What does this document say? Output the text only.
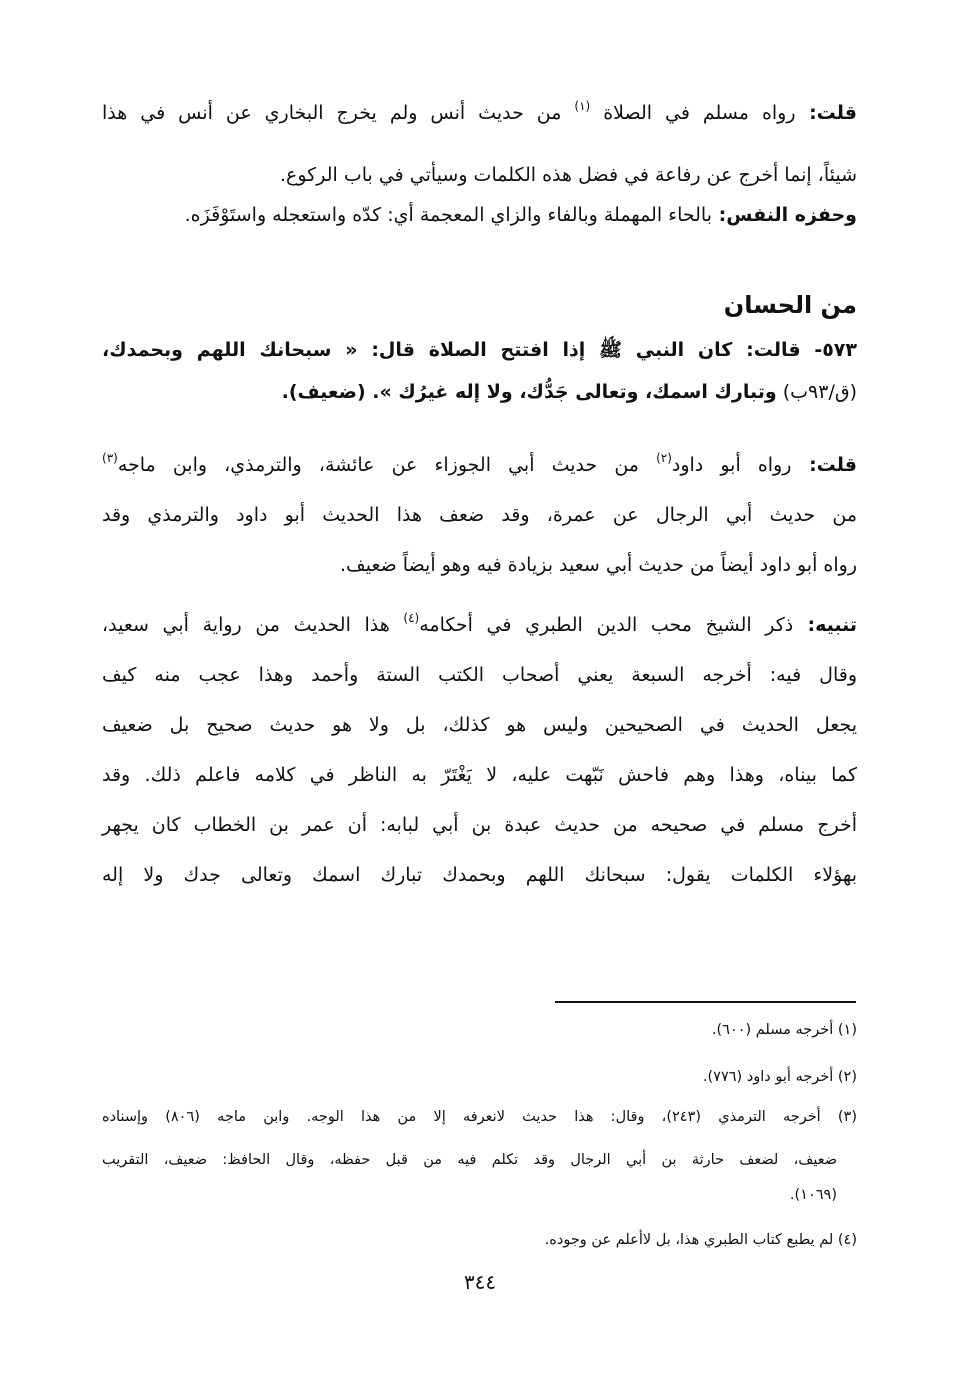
قلت: رواه مسلم في الصلاة $^{(١)}$ من حديث أنس ولم يخرج البخاري عن أنس في هذا
شيئاً، إنما أخرج عن رفاعة في فضل هذه الكلمات وسيأتي في باب الركوع.
وحفزه النفس: بالحاء المهملة وبالفاء والزاي المعجمة أي: كدّه واستعجله واستَوْفَزَه.
من الحسان
٥٧٣- قالت: كان النبي ﷺ إذا افتتح الصلاة قال: « سبحانك اللهم وبحمدك،
(ق/٩٣ب) وتبارك اسمك، وتعالى جَدُّك، ولا إله غيرُك ». (ضعيف).
قلت: رواه أبو داود$^{(٢)}$ من حديث أبي الجوزاء عن عائشة، والترمذي، وابن ماجه$^{(٣)}$
من حديث أبي الرجال عن عمرة، وقد ضعف هذا الحديث أبو داود والترمذي وقد
رواه أبو داود أيضاً من حديث أبي سعيد بزيادة فيه وهو أيضاً ضعيف.
تنبيه: ذكر الشيخ محب الدين الطبري في أحكامه$^{(٤)}$ هذا الحديث من رواية أبي سعيد،
وقال فيه: أخرجه السبعة يعني أصحاب الكتب الستة وأحمد وهذا عجب منه كيف
يجعل الحديث في الصحيحين وليس هو كذلك، بل ولا هو حديث صحيح بل ضعيف
كما بيناه، وهذا وهم فاحش نَبّهت عليه، لا يَغْتَرّ به الناظر في كلامه فاعلم ذلك. وقد
أخرج مسلم في صحيحه من حديث عبدة بن أبي لبابه: أن عمر بن الخطاب كان يجهر
بهؤلاء الكلمات يقول: سبحانك اللهم وبحمدك تبارك اسمك وتعالى جدك ولا إله
(١) أخرجه مسلم (٦٠٠).
(٢) أخرجه أبو داود (٧٧٦).
(٣) أخرجه الترمذي (٢٤٣)، وقال: هذا حديث لانعرفه إلا من هذا الوجه. وابن ماجه (٨٠٦) وإسناده
ضعيف، لضعف حارثة بن أبي الرجال وقد تكلم فيه من قبل حفظه، وقال الحافظ: ضعيف، التقريب
(١٠٦٩).
(٤) لم يطبع كتاب الطبري هذا، بل لاأعلم عن وجوده.
٣٤٤
